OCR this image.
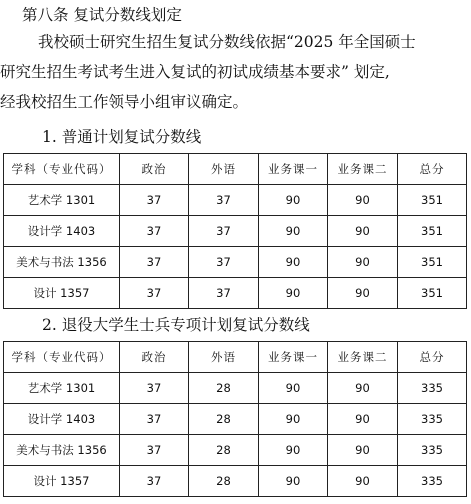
第八条 复试分数线划定
我校硕士研究生招生复试分数线依据“2025 年全国硕士
研究生招生考试考生进入复试的初试成绩基本要求” 划定,
经我校招生工作领导小组审议确定。
1. 普通计划复试分数线
学科（专业代码）	政治	外语	业务课一	业务课二	总分
艺术学 1301	37	37	90	90	351
设计学 1403	37	37	90	90	351
美术与书法 1356	37	37	90	90	351
设计 1357	37	37	90	90	351
2. 退役大学生士兵专项计划复试分数线
学科（专业代码）	政治	外语	业务课一	业务课二	总分
艺术学 1301	37	28	90	90	335
设计学 1403	37	28	90	90	335
美术与书法 1356	37	28	90	90	335
设计 1357	37	28	90	90	335
